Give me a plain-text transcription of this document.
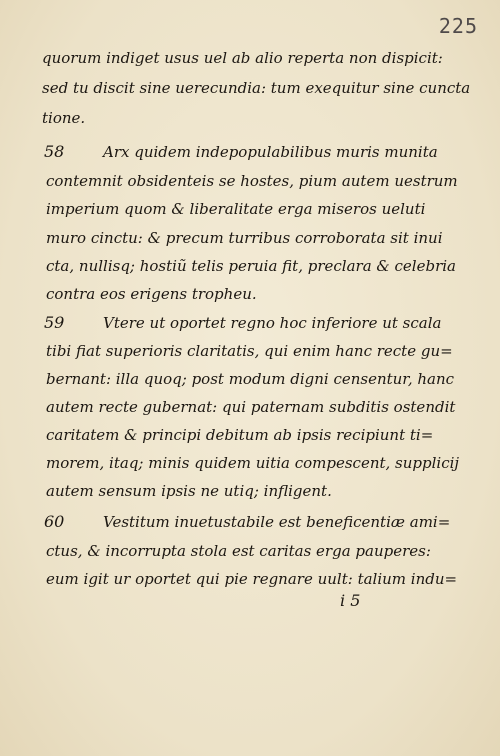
225
quorum indiget usus uel ab alio reperta non dispicit:
sed tu discit sine uerecundia: tum exequitur sine cuncta
tione.
58	Arx quidem indepopulabilibus muris munita
contemnit obsidenteis se hostes, pium autem uestrum
imperium quom & liberalitate erga miseros ueluti
muro cinctu: & precum turribus corroborata sit inui
cta, nullisq; hostiũ telis peruia fit, preclara & celebria
contra eos erigens tropheu.
59	Vtere ut oportet regno hoc inferiore ut scala
tibi fiat superioris claritatis, qui enim hanc recte gu=
bernant: illa quoq; post modum digni censentur, hanc
autem recte gubernat: qui paternam subditis ostendit
caritatem & principi debitum ab ipsis recipiunt ti=
morem, itaq; minis quidem uitia compescent, supplicij
autem sensum ipsis ne utiq; infligent.
60	Vestitum inuetustabile est beneficentiæ ami=
ctus, & incorrupta stola est caritas erga pauperes:
eum igit ur oportet qui pie regnare uult: talium indu=
i 5
